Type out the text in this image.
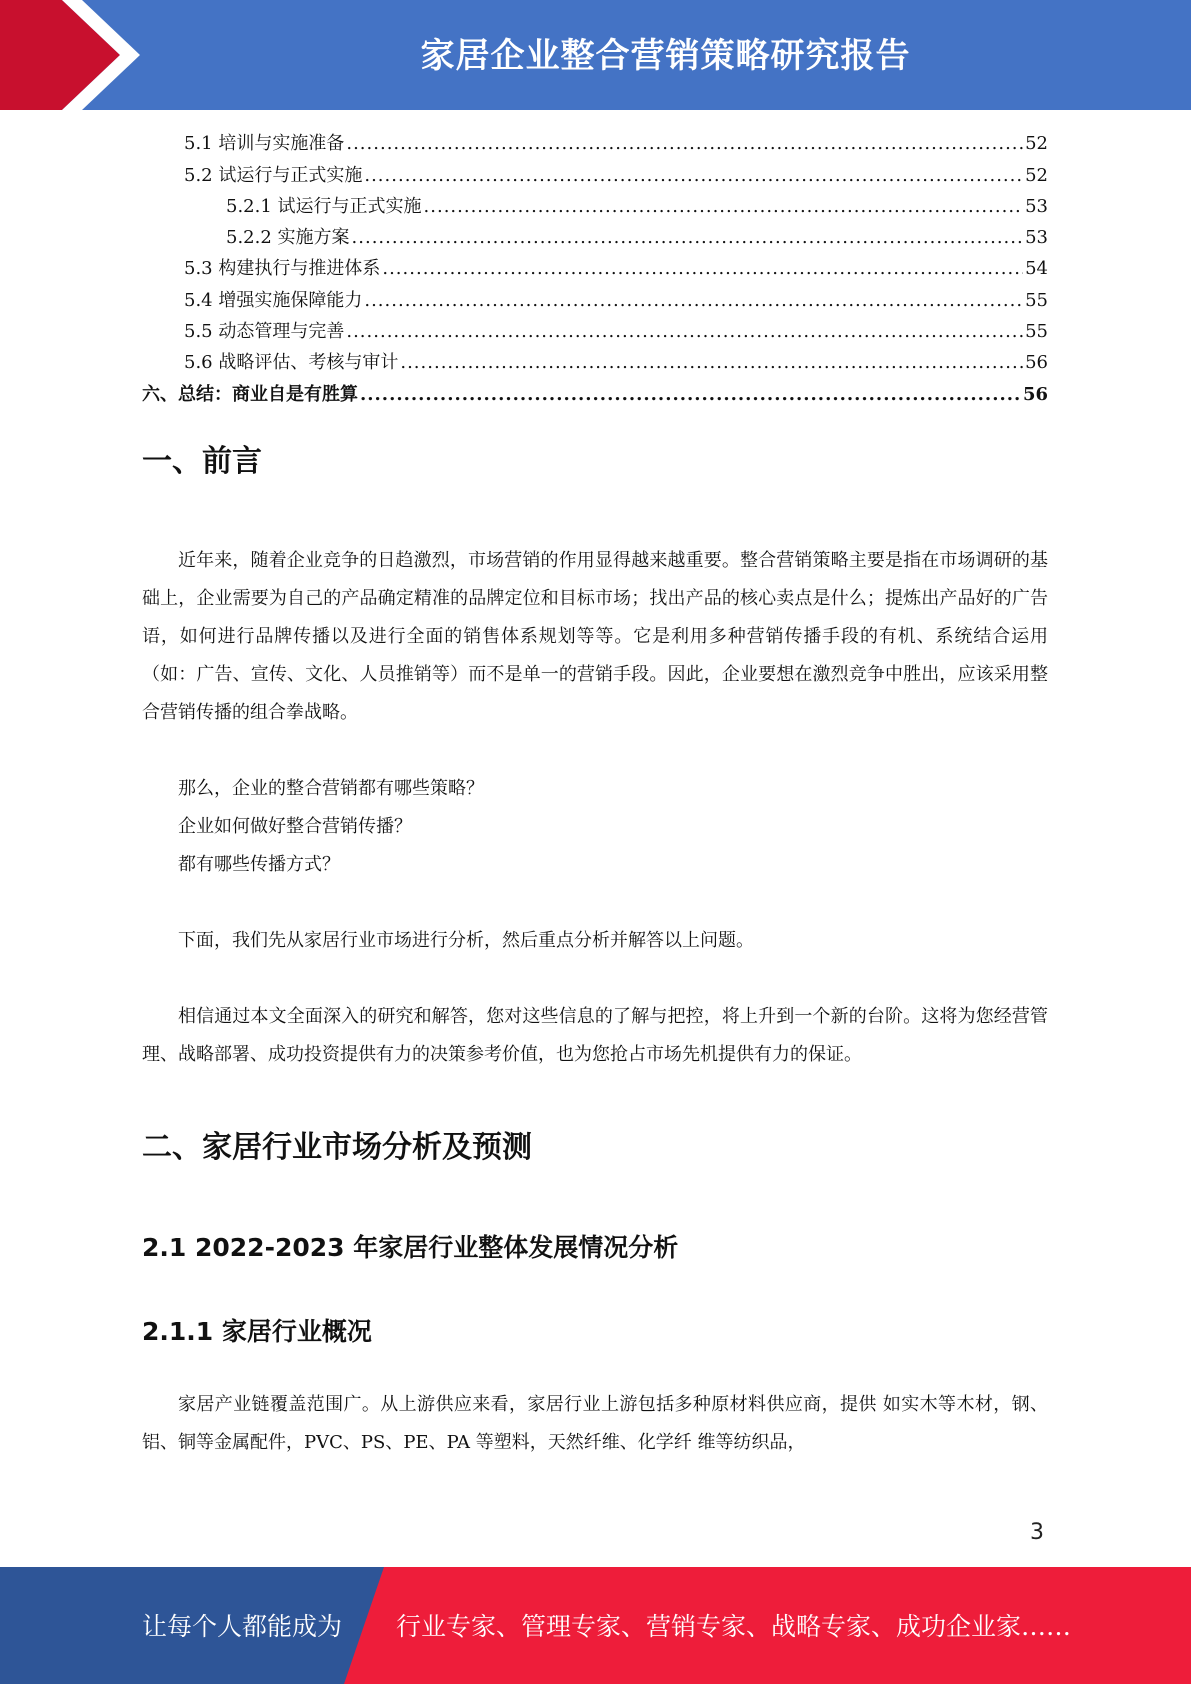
家居企业整合营销策略研究报告
5.1 培训与实施准备 .....	52
5.2 试运行与正式实施 .....	52
5.2.1 试运行与正式实施 .....	53
5.2.2 实施方案 .....	53
5.3 构建执行与推进体系 .....	54
5.4 增强实施保障能力 .....	55
5.5 动态管理与完善 .....	55
5.6 战略评估、考核与审计 .....	56
六、总结：商业自是有胜算 .....	56
一、前言

近年来，随着企业竞争的日趋激烈，市场营销的作用显得越来越重要。整合营销策略主要是指在市场调研的基础上，企业需要为自己的产品确定精准的品牌定位和目标市场；找出产品的核心卖点是什么；提炼出产品好的广告语，如何进行品牌传播以及进行全面的销售体系规划等等。它是利用多种营销传播手段的有机、系统结合运用（如：广告、宣传、文化、人员推销等）而不是单一的营销手段。因此，企业要想在激烈竞争中胜出，应该采用整合营销传播的组合拳战略。

那么，企业的整合营销都有哪些策略？

企业如何做好整合营销传播？

都有哪些传播方式？

下面，我们先从家居行业市场进行分析，然后重点分析并解答以上问题。

相信通过本文全面深入的研究和解答，您对这些信息的了解与把控，将上升到一个新的台阶。这将为您经营管理、战略部署、成功投资提供有力的决策参考价值，也为您抢占市场先机提供有力的保证。

二、家居行业市场分析及预测
2.1 2022-2023 年家居行业整体发展情况分析
2.1.1 家居行业概况

家居产业链覆盖范围广。从上游供应来看，家居行业上游包括多种原材料供应商，提供 如实木等木材，钢、铝、铜等金属配件，PVC、PS、PE、PA 等塑料，天然纤维、化学纤 维等纺织品，

3
让每个人都能成为 行业专家、管理专家、营销专家、战略专家、成功企业家……
